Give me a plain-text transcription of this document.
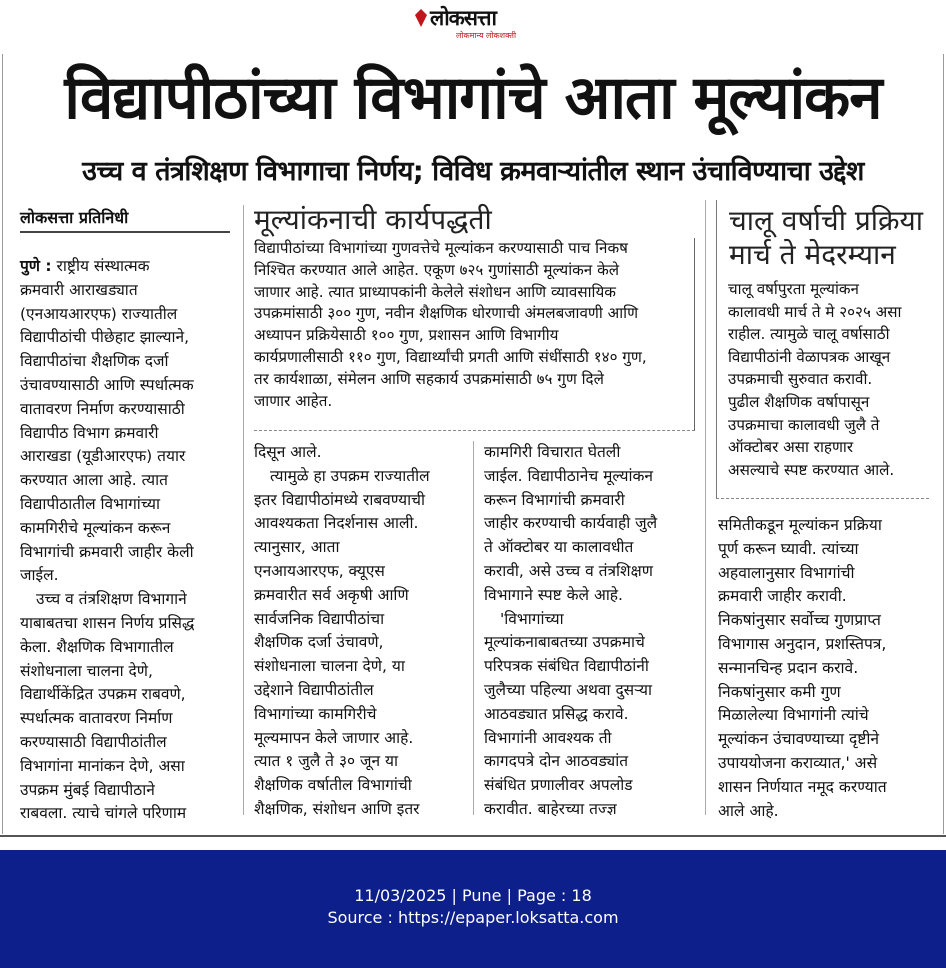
लोकसत्ता
लोकमान्य लोकशक्ती
विद्यापीठांच्या विभागांचे आता मूल्यांकन
उच्च व तंत्रशिक्षण विभागाचा निर्णय; विविध क्रमवाऱ्यांतील स्थान उंचाविण्याचा उद्देश
लोकसत्ता प्रतिनिधी

पुणे : राष्ट्रीय संस्थात्मक

क्रमवारी आराखड्यात

(एनआयआरएफ) राज्यातील

विद्यापीठांची पीछेहाट झाल्याने,

विद्यापीठांचा शैक्षणिक दर्जा

उंचावण्यासाठी आणि स्पर्धात्मक

वातावरण निर्माण करण्यासाठी

विद्यापीठ विभाग क्रमवारी

आराखडा (यूडीआरएफ) तयार

करण्यात आला आहे. त्यात

विद्यापीठातील विभागांच्या

कामगिरीचे मूल्यांकन करून

विभागांची क्रमवारी जाहीर केली

जाईल.

उच्च व तंत्रशिक्षण विभागाने

याबाबतचा शासन निर्णय प्रसिद्ध

केला. शैक्षणिक विभागातील

संशोधनाला चालना देणे,

विद्यार्थीकेंद्रित उपक्रम राबवणे,

स्पर्धात्मक वातावरण निर्माण

करण्यासाठी विद्यापीठांतील

विभागांना मानांकन देणे, असा

उपक्रम मुंबई विद्यापीठाने

राबवला. त्याचे चांगले परिणाम

मूल्यांकनाची कार्यपद्धती

विद्यापीठांच्या विभागांच्या गुणवत्तेचे मूल्यांकन करण्यासाठी पाच निकष

निश्चित करण्यात आले आहेत. एकूण ७२५ गुणांसाठी मूल्यांकन केले

जाणार आहे. त्यात प्राध्यापकांनी केलेले संशोधन आणि व्यावसायिक

उपक्रमांसाठी ३०० गुण, नवीन शैक्षणिक धोरणाची अंमलबजावणी आणि

अध्यापन प्रक्रियेसाठी १०० गुण, प्रशासन आणि विभागीय

कार्यप्रणालीसाठी ११० गुण, विद्यार्थ्यांची प्रगती आणि संधींसाठी १४० गुण,

तर कार्यशाळा, संमेलन आणि सहकार्य उपक्रमांसाठी ७५ गुण दिले

जाणार आहेत.

दिसून आले.

त्यामुळे हा उपक्रम राज्यातील

इतर विद्यापीठांमध्ये राबवण्याची

आवश्यकता निदर्शनास आली.

त्यानुसार, आता

एनआयआरएफ, क्यूएस

क्रमवारीत सर्व अकृषी आणि

सार्वजनिक विद्यापीठांचा

शैक्षणिक दर्जा उंचावणे,

संशोधनाला चालना देणे, या

उद्देशाने विद्यापीठांतील

विभागांच्या कामगिरीचे

मूल्यमापन केले जाणार आहे.

त्यात १ जुलै ते ३० जून या

शैक्षणिक वर्षातील विभागांची

शैक्षणिक, संशोधन आणि इतर

कामगिरी विचारात घेतली

जाईल. विद्यापीठानेच मूल्यांकन

करून विभागांची क्रमवारी

जाहीर करण्याची कार्यवाही जुलै

ते ऑक्टोबर या कालावधीत

करावी, असे उच्च व तंत्रशिक्षण

विभागाने स्पष्ट केले आहे.

'विभागांच्या

मूल्यांकनाबाबतच्या उपक्रमाचे

परिपत्रक संबंधित विद्यापीठांनी

जुलैच्या पहिल्या अथवा दुसऱ्या

आठवड्यात प्रसिद्ध करावे.

विभागांनी आवश्यक ती

कागदपत्रे दोन आठवड्यांत

संबंधित प्रणालीवर अपलोड

करावीत. बाहेरच्या तज्ज्ञ

चालू वर्षाची प्रक्रिया
मार्च ते मेदरम्यान

चालू वर्षापुरता मूल्यांकन

कालावधी मार्च ते मे २०२५ असा

राहील. त्यामुळे चालू वर्षासाठी

विद्यापीठांनी वेळापत्रक आखून

उपक्रमाची सुरुवात करावी.

पुढील शैक्षणिक वर्षापासून

उपक्रमाचा कालावधी जुलै ते

ऑक्टोबर असा राहणार

असल्याचे स्पष्ट करण्यात आले.

समितीकडून मूल्यांकन प्रक्रिया

पूर्ण करून घ्यावी. त्यांच्या

अहवालानुसार विभागांची

क्रमवारी जाहीर करावी.

निकषांनुसार सर्वोच्च गुणप्राप्त

विभागास अनुदान, प्रशस्तिपत्र,

सन्मानचिन्ह प्रदान करावे.

निकषांनुसार कमी गुण

मिळालेल्या विभागांनी त्यांचे

मूल्यांकन उंचावण्याच्या दृष्टीने

उपाययोजना कराव्यात,' असे

शासन निर्णयात नमूद करण्यात

आले आहे.

11/03/2025 | Pune | Page : 18
Source : https://epaper.loksatta.com
